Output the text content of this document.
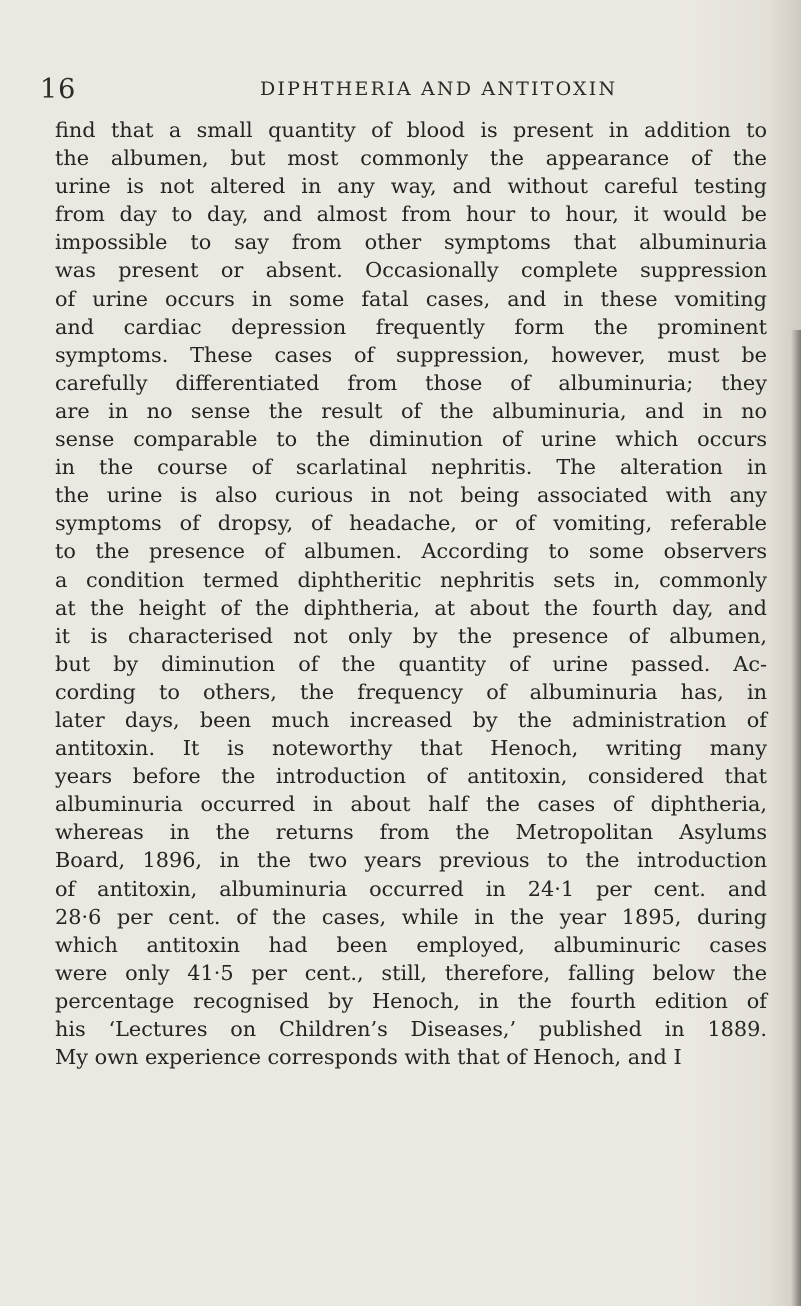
16	DIPHTHERIA AND ANTITOXIN
find that a small quantity of blood is present in addition to
the albumen, but most commonly the appearance of the
urine is not altered in any way, and without careful testing
from day to day, and almost from hour to hour, it would be
impossible to say from other symptoms that albuminuria
was present or absent. Occasionally complete suppression
of urine occurs in some fatal cases, and in these vomiting
and cardiac depression frequently form the prominent
symptoms. These cases of suppression, however, must be
carefully differentiated from those of albuminuria; they
are in no sense the result of the albuminuria, and in no
sense comparable to the diminution of urine which occurs
in the course of scarlatinal nephritis. The alteration in
the urine is also curious in not being associated with any
symptoms of dropsy, of headache, or of vomiting, referable
to the presence of albumen. According to some observers
a condition termed diphtheritic nephritis sets in, commonly
at the height of the diphtheria, at about the fourth day, and
it is characterised not only by the presence of albumen,
but by diminution of the quantity of urine passed. Ac-
cording to others, the frequency of albuminuria has, in
later days, been much increased by the administration of
antitoxin. It is noteworthy that Henoch, writing many
years before the introduction of antitoxin, considered that
albuminuria occurred in about half the cases of diphtheria,
whereas in the returns from the Metropolitan Asylums
Board, 1896, in the two years previous to the introduction
of antitoxin, albuminuria occurred in 24·1 per cent. and
28·6 per cent. of the cases, while in the year 1895, during
which antitoxin had been employed, albuminuric cases
were only 41·5 per cent., still, therefore, falling below the
percentage recognised by Henoch, in the fourth edition of
his ‘Lectures on Children’s Diseases,’ published in 1889.
My own experience corresponds with that of Henoch, and I
